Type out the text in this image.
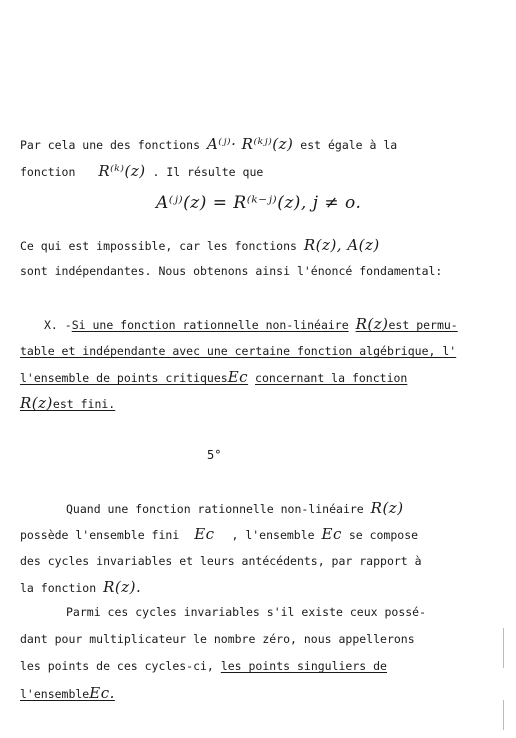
Par cela une des fonctions A⁽ʲ⁾· R⁽ᵏʲ⁾(z) est égale à la
fonction R⁽ᵏ⁾(z) . Il résulte que
A⁽ʲ⁾(z) = R⁽ᵏ⁻ʲ⁾(z), j ≠ o.
Ce qui est impossible, car les fonctions R(z), A(z)
sont indépendantes. Nous obtenons ainsi l'énoncé fondamental:
X. -Si une fonction rationnelle non-linéaire R(z)est permu-
table et indépendante avec une certaine fonction algébrique, l'
l'ensemble de points critiquesEc concernant la fonction
R(z)est fini.
5°
Quand une fonction rationnelle non-linéaire R(z)
possède l'ensemble fini Ec , l'ensemble Ec se compose
des cycles invariables et leurs antécédents, par rapport à
la fonction R(z).
Parmi ces cycles invariables s'il existe ceux possé-
dant pour multiplicateur le nombre zéro, nous appellerons
les points de ces cycles-ci, les points singuliers de
l'ensembleEc.
